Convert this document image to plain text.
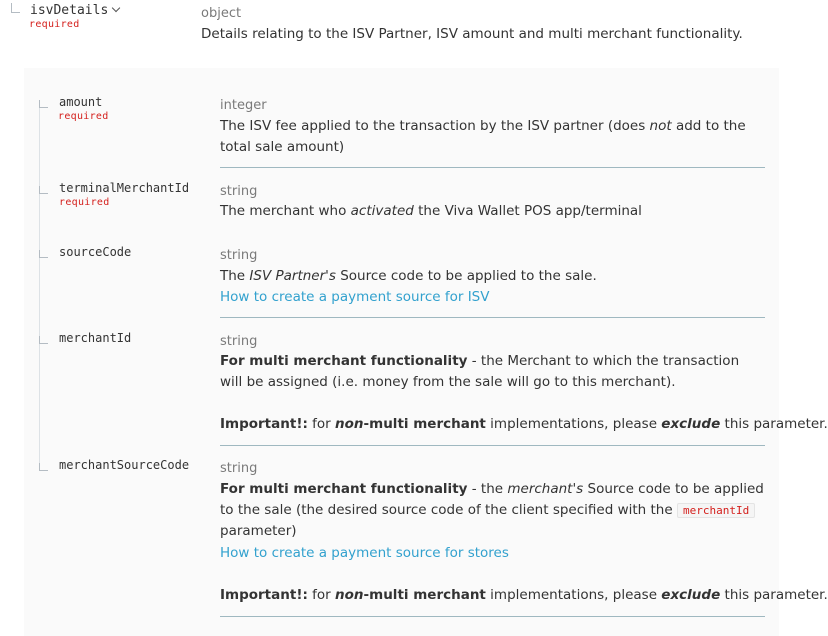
isvDetails
required
object
Details relating to the ISV Partner, ISV amount and multi merchant functionality.
amount
required
integer
The ISV fee applied to the transaction by the ISV partner (does not add to the total sale amount)
terminalMerchantId
required
string
The merchant who activated the Viva Wallet POS app/terminal
sourceCode	string
The ISV Partner's Source code to be applied to the sale.
How to create a payment source for ISV
merchantId	string
For multi merchant functionality - the Merchant to which the transaction will be assigned (i.e. money from the sale will go to this merchant).
Important!: for non-multi merchant implementations, please exclude this parameter.
merchantSourceCode string
For multi merchant functionality - the merchant's Source code to be applied to the sale (the desired source code of the client specified with the merchantId parameter)
How to create a payment source for stores
Important!: for non-multi merchant implementations, please exclude this parameter.
